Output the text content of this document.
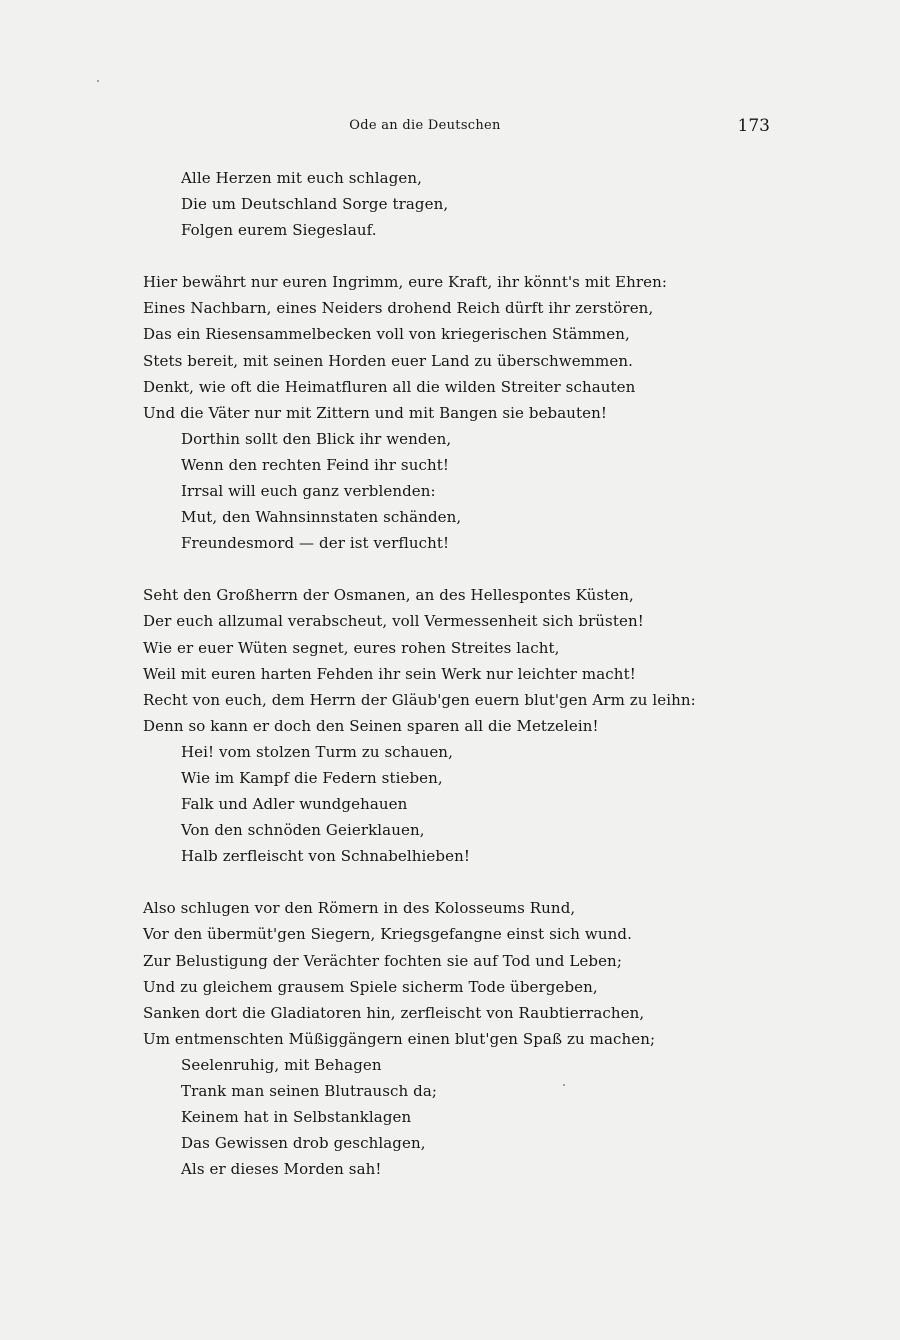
Ode an die Deutschen	173
Alle Herzen mit euch schlagen,
Die um Deutschland Sorge tragen,
Folgen eurem Siegeslauf.
Hier bewährt nur euren Ingrimm, eure Kraft, ihr könnt's mit Ehren:
Eines Nachbarn, eines Neiders drohend Reich dürft ihr zerstören,
Das ein Riesensammelbecken voll von kriegerischen Stämmen,
Stets bereit, mit seinen Horden euer Land zu überschwemmen.
Denkt, wie oft die Heimatfluren all die wilden Streiter schauten
Und die Väter nur mit Zittern und mit Bangen sie bebauten!
Dorthin sollt den Blick ihr wenden,
Wenn den rechten Feind ihr sucht!
Irrsal will euch ganz verblenden:
Mut, den Wahnsinnstaten schänden,
Freundesmord — der ist verflucht!
Seht den Großherrn der Osmanen, an des Hellespontes Küsten,
Der euch allzumal verabscheut, voll Vermessenheit sich brüsten!
Wie er euer Wüten segnet, eures rohen Streites lacht,
Weil mit euren harten Fehden ihr sein Werk nur leichter macht!
Recht von euch, dem Herrn der Gläub'gen euern blut'gen Arm zu leihn:
Denn so kann er doch den Seinen sparen all die Metzelein!
Hei! vom stolzen Turm zu schauen,
Wie im Kampf die Federn stieben,
Falk und Adler wundgehauen
Von den schnöden Geierklauen,
Halb zerfleischt von Schnabelhieben!
Also schlugen vor den Römern in des Kolosseums Rund,
Vor den übermüt'gen Siegern, Kriegsgefangne einst sich wund.
Zur Belustigung der Verächter fochten sie auf Tod und Leben;
Und zu gleichem grausem Spiele sicherm Tode übergeben,
Sanken dort die Gladiatoren hin, zerfleischt von Raubtierrachen,
Um entmenschten Müßiggängern einen blut'gen Spaß zu machen;
Seelenruhig, mit Behagen
Trank man seinen Blutrausch da;
Keinem hat in Selbstanklagen
Das Gewissen drob geschlagen,
Als er dieses Morden sah!
